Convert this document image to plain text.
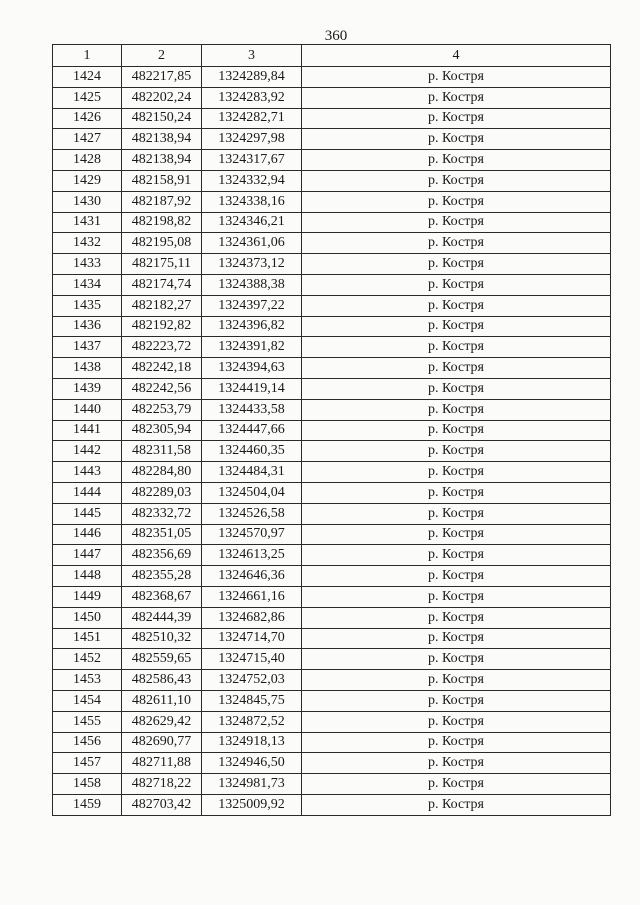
360
1	2	3	4
1424	482217,85	1324289,84	р. Костря
1425	482202,24	1324283,92	р. Костря
1426	482150,24	1324282,71	р. Костря
1427	482138,94	1324297,98	р. Костря
1428	482138,94	1324317,67	р. Костря
1429	482158,91	1324332,94	р. Костря
1430	482187,92	1324338,16	р. Костря
1431	482198,82	1324346,21	р. Костря
1432	482195,08	1324361,06	р. Костря
1433	482175,11	1324373,12	р. Костря
1434	482174,74	1324388,38	р. Костря
1435	482182,27	1324397,22	р. Костря
1436	482192,82	1324396,82	р. Костря
1437	482223,72	1324391,82	р. Костря
1438	482242,18	1324394,63	р. Костря
1439	482242,56	1324419,14	р. Костря
1440	482253,79	1324433,58	р. Костря
1441	482305,94	1324447,66	р. Костря
1442	482311,58	1324460,35	р. Костря
1443	482284,80	1324484,31	р. Костря
1444	482289,03	1324504,04	р. Костря
1445	482332,72	1324526,58	р. Костря
1446	482351,05	1324570,97	р. Костря
1447	482356,69	1324613,25	р. Костря
1448	482355,28	1324646,36	р. Костря
1449	482368,67	1324661,16	р. Костря
1450	482444,39	1324682,86	р. Костря
1451	482510,32	1324714,70	р. Костря
1452	482559,65	1324715,40	р. Костря
1453	482586,43	1324752,03	р. Костря
1454	482611,10	1324845,75	р. Костря
1455	482629,42	1324872,52	р. Костря
1456	482690,77	1324918,13	р. Костря
1457	482711,88	1324946,50	р. Костря
1458	482718,22	1324981,73	р. Костря
1459	482703,42	1325009,92	р. Костря
